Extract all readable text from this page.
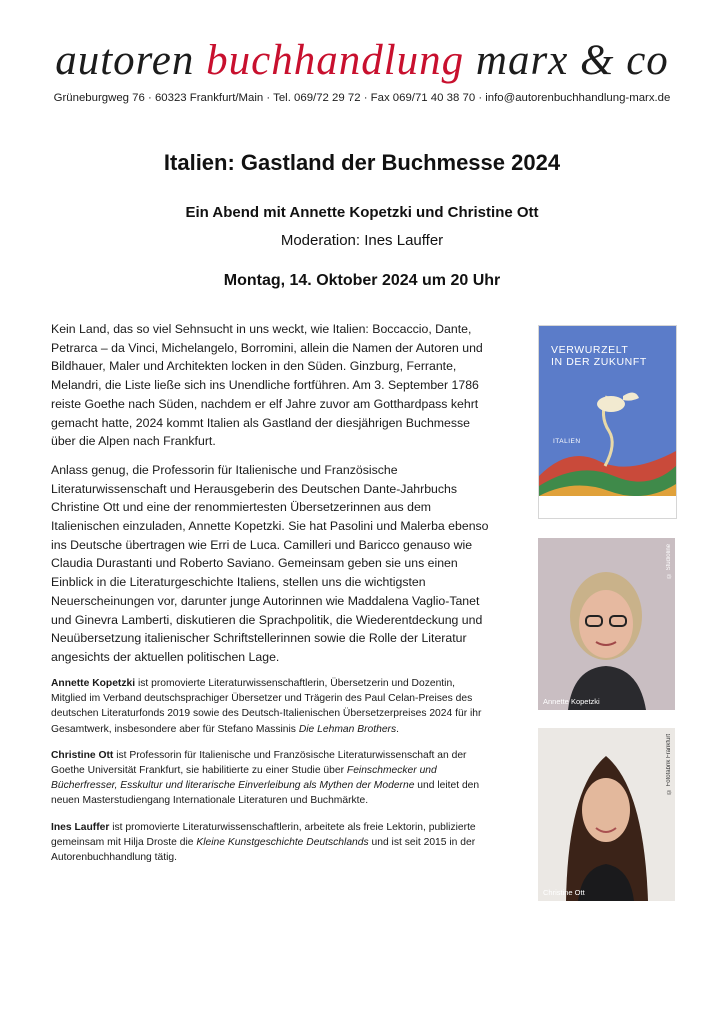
autoren buchhandlung marx & co
Grüneburgweg 76 · 60323 Frankfurt/Main · Tel. 069/72 29 72 · Fax 069/71 40 38 70 · info@autorenbuchhandlung-marx.de
Italien: Gastland der Buchmesse 2024
Ein Abend mit Annette Kopetzki und Christine Ott
Moderation: Ines Lauffer
Montag, 14. Oktober 2024 um 20 Uhr

Kein Land, das so viel Sehnsucht in uns weckt, wie Italien: Boccaccio, Dante, Petrarca – da Vinci, Michelangelo, Borromini, allein die Namen der Autoren und Bildhauer, Maler und Architekten locken in den Süden. Ginzburg, Ferrante, Melandri, die Liste ließe sich ins Unendliche fortführen. Am 3. September 1786 reiste Goethe nach Süden, nachdem er elf Jahre zuvor am Gotthardpass kehrt gemacht hatte, 2024 kommt Italien als Gastland der diesjährigen Buchmesse über die Alpen nach Frankfurt.

Anlass genug, die Professorin für Italienische und Französische Literaturwissenschaft und Herausgeberin des Deutschen Dante-Jahrbuchs Christine Ott und eine der renommiertesten Übersetzerinnen aus dem Italienischen einzuladen, Annette Kopetzki. Sie hat Pasolini und Malerba ebenso ins Deutsche übertragen wie Erri de Luca. Camilleri und Baricco genauso wie Claudia Durastanti und Roberto Saviano. Gemeinsam geben sie uns einen Einblick in die Literaturgeschichte Italiens, stellen uns die wichtigsten Neuerscheinungen vor, darunter junge Autorinnen wie Maddalena Vaglio-Tanet und Ginevra Lamberti, diskutieren die Sprachpolitik, die Wiederentdeckung und Neuübersetzung italienischer Schriftstellerinnen sowie die Rolle der Literatur angesichts der aktuellen politischen Lage.

Annette Kopetzki ist promovierte Literaturwissenschaftlerin, Übersetzerin und Dozentin, Mitglied im Verband deutschsprachiger Übersetzer und Trägerin des Paul Celan-Preises des deutschen Literaturfonds 2019 sowie des Deutsch-Italienischen Übersetzerpreises 2024 für ihr Gesamtwerk, insbesondere aber für Stefano Massinis Die Lehman Brothers.

Christine Ott ist Professorin für Italienische und Französische Literaturwissenschaft an der Goethe Universität Frankfurt, sie habilitierte zu einer Studie über Feinschmecker und Bücherfresser, Esskultur und literarische Einverleibung als Mythen der Moderne und leitet den neuen Masterstudiengang Internationale Literaturen und Buchmärkte.

Ines Lauffer ist promovierte Literaturwissenschaftlerin, arbeitete als freie Lektorin, publizierte gemeinsam mit Hilja Droste die Kleine Kunstgeschichte Deutschlands und ist seit 2015 in der Autorenbuchhandlung tätig.

VERWURZELT
IN DER ZUKUNFT
ITALIEN
Annette Kopetzki
© Studioline
Christine Ott
© Fotofabrik Frankfurt
